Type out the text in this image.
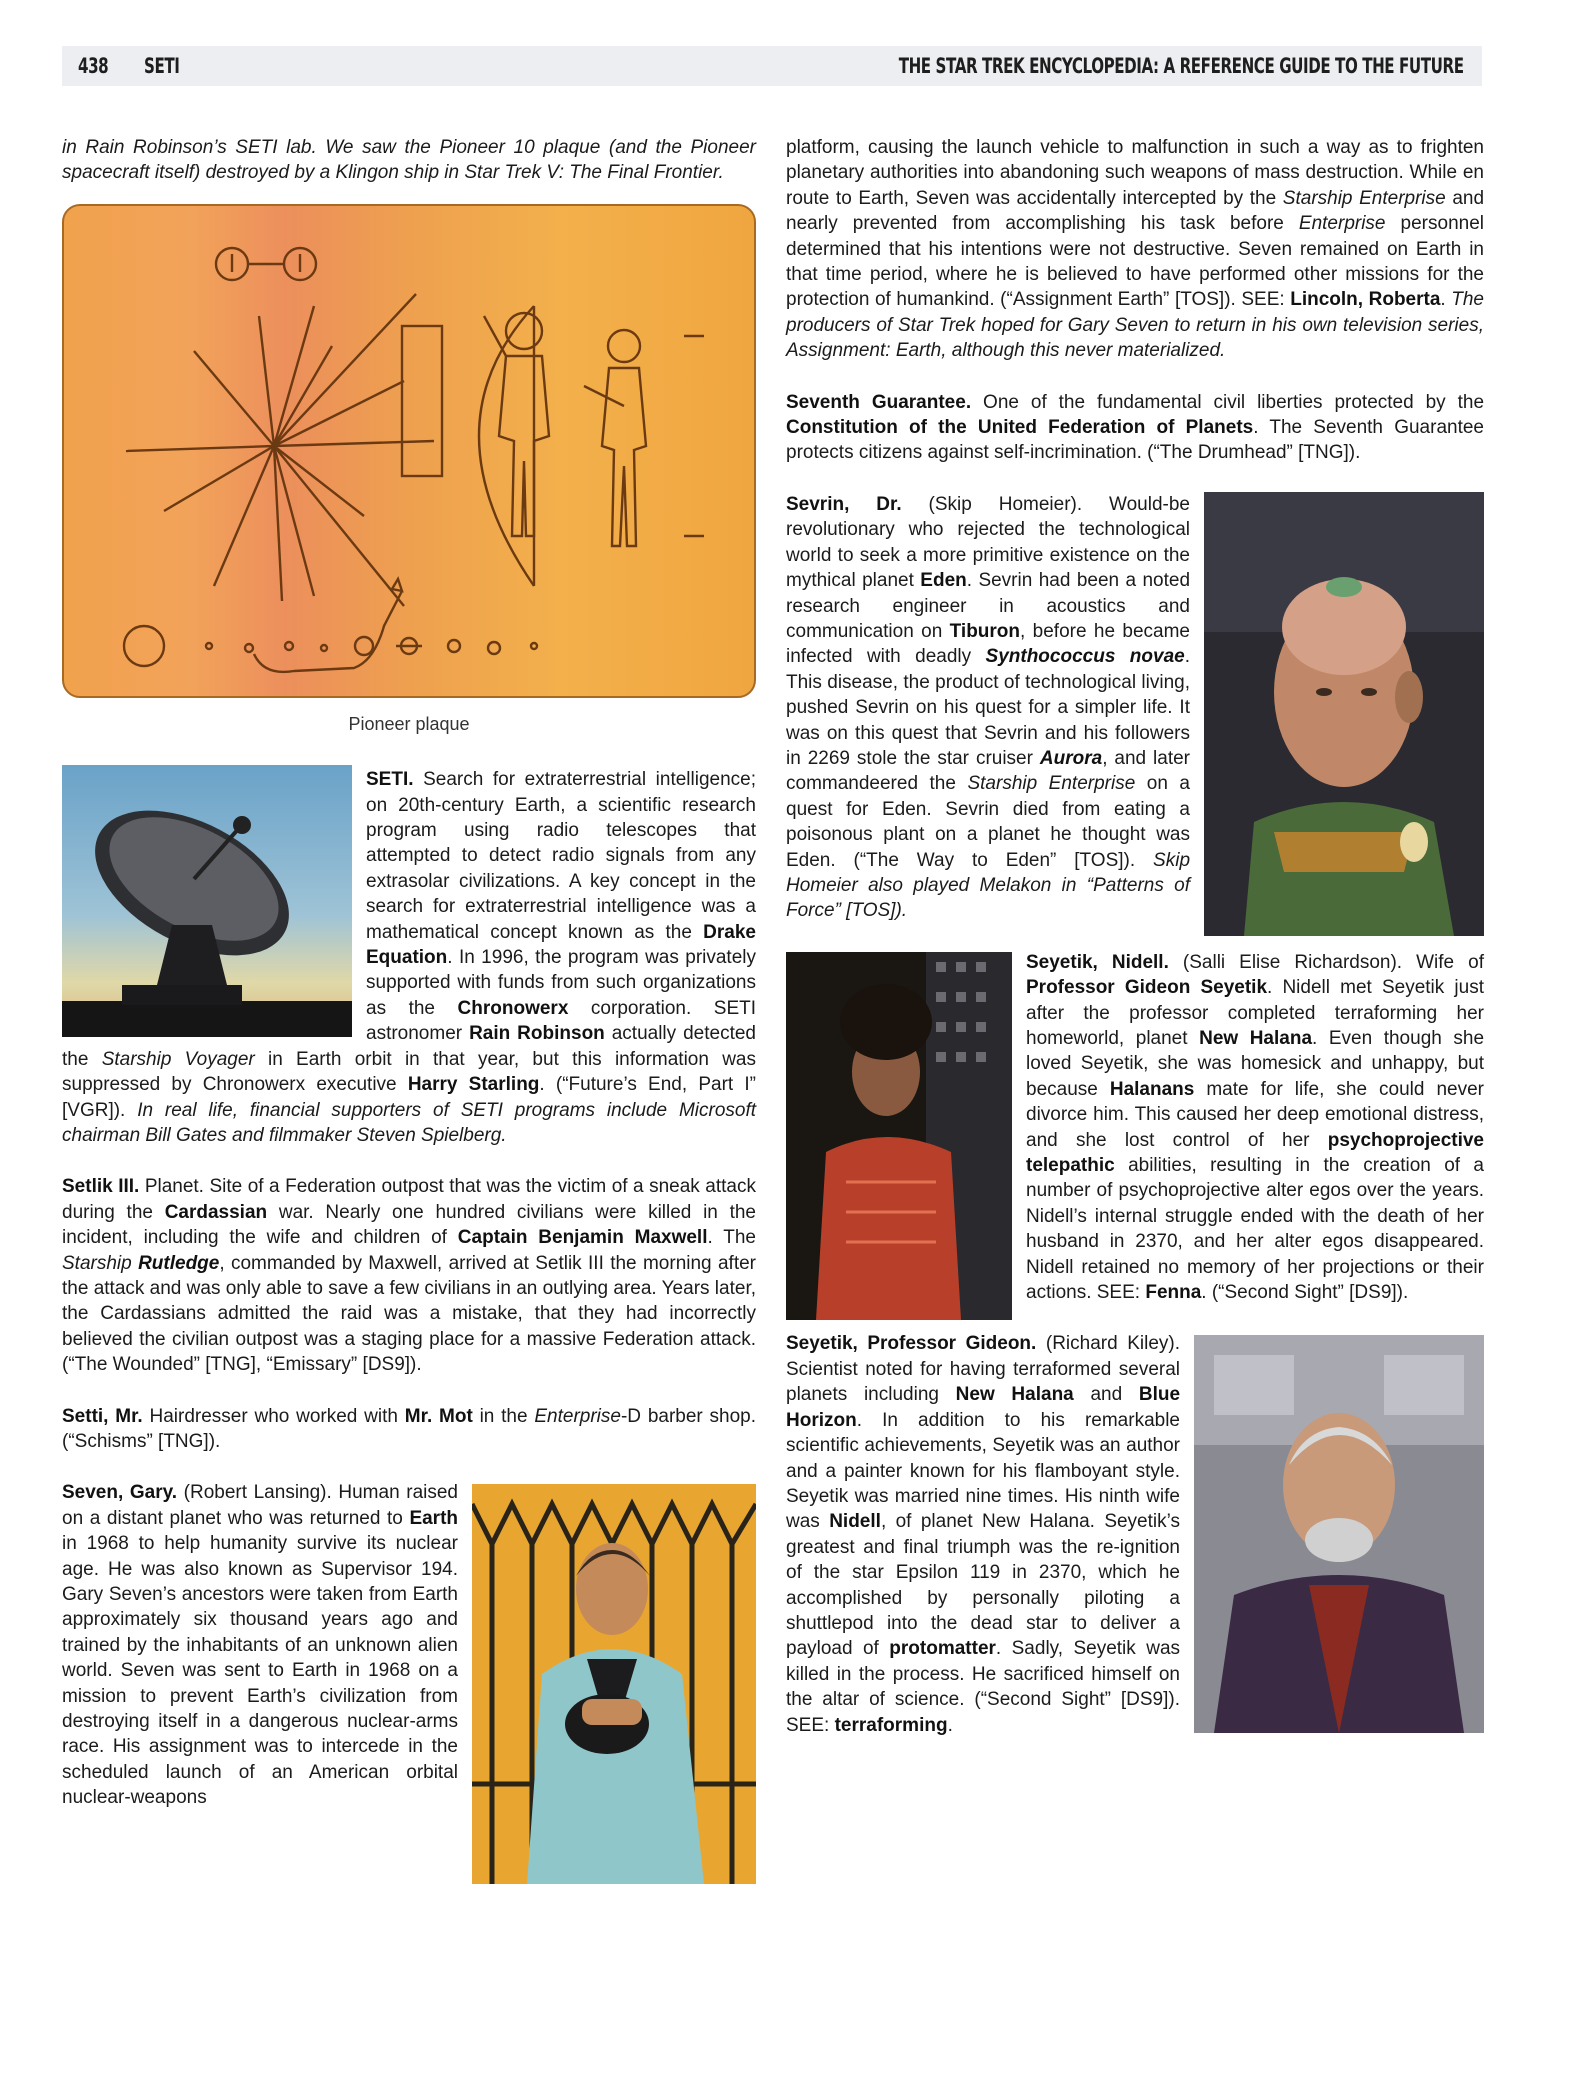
438 SETI	THE STAR TREK ENCYCLOPEDIA: A REFERENCE GUIDE TO THE FUTURE

in Rain Robinson’s SETI lab. We saw the Pioneer 10 plaque (and the Pioneer spacecraft itself) destroyed by a Klingon ship in Star Trek V: The Final Frontier.

Pioneer plaque

SETI. Search for extraterrestrial intelligence; on 20th-century Earth, a scientific research program using radio telescopes that attempted to detect radio signals from any extrasolar civilizations. A key concept in the search for extraterrestrial intelligence was a mathematical concept known as the Drake Equation. In 1996, the program was privately supported with funds from such organizations as the Chronowerx corporation. SETI astronomer Rain Robinson actually detected the Starship Voyager in Earth orbit in that year, but this information was suppressed by Chronowerx executive Harry Starling. (“Future’s End, Part I” [VGR]). In real life, financial supporters of SETI programs include Microsoft chairman Bill Gates and filmmaker Steven Spielberg.

Setlik III. Planet. Site of a Federation outpost that was the victim of a sneak attack during the Cardassian war. Nearly one hundred civilians were killed in the incident, including the wife and children of Captain Benjamin Maxwell. The Starship Rutledge, commanded by Maxwell, arrived at Setlik III the morning after the attack and was only able to save a few civilians in an outlying area. Years later, the Cardassians admitted the raid was a mistake, that they had incorrectly believed the civilian outpost was a staging place for a massive Federation attack. (“The Wounded” [TNG], “Emissary” [DS9]).

Setti, Mr. Hairdresser who worked with Mr. Mot in the Enterprise-D barber shop. (“Schisms” [TNG]).

Seven, Gary. (Robert Lansing). Human raised on a distant planet who was returned to Earth in 1968 to help humanity survive its nuclear age. He was also known as Supervisor 194. Gary Seven’s ancestors were taken from Earth approximately six thousand years ago and trained by the inhabitants of an unknown alien world. Seven was sent to Earth in 1968 on a mission to prevent Earth’s civilization from destroying itself in a dangerous nuclear-arms race. His assignment was to intercede in the scheduled launch of an American orbital nuclear-weapons

platform, causing the launch vehicle to malfunction in such a way as to frighten planetary authorities into abandoning such weapons of mass destruction. While en route to Earth, Seven was accidentally intercepted by the Starship Enterprise and nearly prevented from accomplishing his task before Enterprise personnel determined that his intentions were not destructive. Seven remained on Earth in that time period, where he is believed to have performed other missions for the protection of humankind. (“Assignment Earth” [TOS]). SEE: Lincoln, Roberta. The producers of Star Trek hoped for Gary Seven to return in his own television series, Assignment: Earth, although this never materialized.

Seventh Guarantee. One of the fundamental civil liberties protected by the Constitution of the United Federation of Planets. The Seventh Guarantee protects citizens against self-incrimination. (“The Drumhead” [TNG]).

Sevrin, Dr. (Skip Homeier). Would-be revolutionary who rejected the technological world to seek a more primitive existence on the mythical planet Eden. Sevrin had been a noted research engineer in acoustics and communication on Tiburon, before he became infected with deadly Synthococcus novae. This disease, the product of technological living, pushed Sevrin on his quest for a simpler life. It was on this quest that Sevrin and his followers in 2269 stole the star cruiser Aurora, and later commandeered the Starship Enterprise on a quest for Eden. Sevrin died from eating a poisonous plant on a planet he thought was Eden. (“The Way to Eden” [TOS]). Skip Homeier also played Melakon in “Patterns of Force” [TOS]).

Seyetik, Nidell. (Salli Elise Richardson). Wife of Professor Gideon Seyetik. Nidell met Seyetik just after the professor completed terraforming her homeworld, planet New Halana. Even though she loved Seyetik, she was homesick and unhappy, but because Halanans mate for life, she could never divorce him. This caused her deep emotional distress, and she lost control of her psychoprojective telepathic abilities, resulting in the creation of a number of psychoprojective alter egos over the years. Nidell’s internal struggle ended with the death of her husband in 2370, and her alter egos disappeared. Nidell retained no memory of her projections or their actions. SEE: Fenna. (“Second Sight” [DS9]).

Seyetik, Professor Gideon. (Richard Kiley). Scientist noted for having terraformed several planets including New Halana and Blue Horizon. In addition to his remarkable scientific achievements, Seyetik was an author and a painter known for his flamboyant style. Seyetik was married nine times. His ninth wife was Nidell, of planet New Halana. Seyetik’s greatest and final triumph was the re-ignition of the star Epsilon 119 in 2370, which he accomplished by personally piloting a shuttlepod into the dead star to deliver a payload of protomatter. Sadly, Seyetik was killed in the process. He sacrificed himself on the altar of science. (“Second Sight” [DS9]). SEE: terraforming.
